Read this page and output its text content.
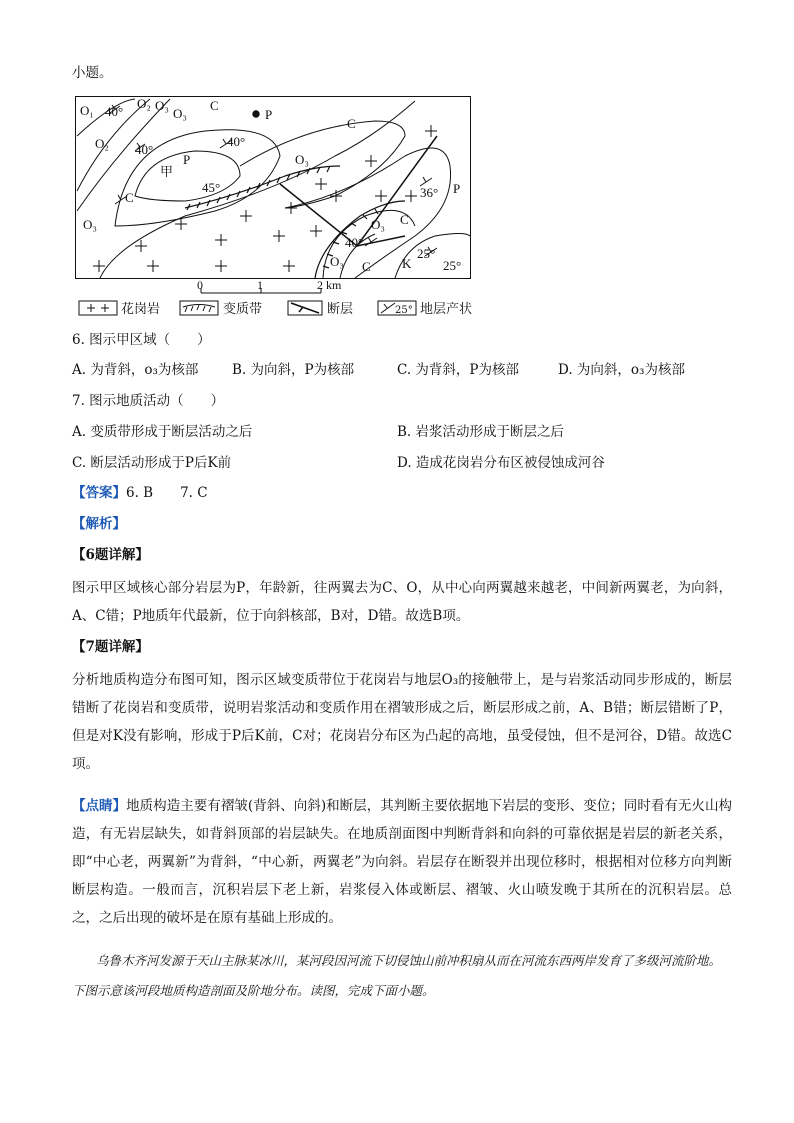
小题。
O₁ 40°
O₂ O₃
O₃
C
P
O₂ 40°
40°
P
甲
45°
C
O₃
C
O₃
36° P
C
O₃
40°
O₃ C K
25°
25°
0	1	2 km
花岗岩	变质带	断层	25° 地层产状
6. 图示甲区域（　　）
A. 为背斜，o₃为核部 B. 为向斜，P为核部	C. 为背斜，P为核部	D. 为向斜，o₃为核部
7. 图示地质活动（　　）
A. 变质带形成于断层活动之后	B. 岩浆活动形成于断层之后
C. 断层活动形成于P后K前	D. 造成花岗岩分布区被侵蚀成河谷
【答案】6. B　　7. C
【解析】
【6题详解】
图示甲区域核心部分岩层为P，年龄新，往两翼去为C、O，从中心向两翼越来越老，中间新两翼老，为向斜，A、C错；P地质年代最新，位于向斜核部，B对，D错。故选B项。
【7题详解】
分析地质构造分布图可知，图示区域变质带位于花岗岩与地层O₃的接触带上，是与岩浆活动同步形成的，断层错断了花岗岩和变质带，说明岩浆活动和变质作用在褶皱形成之后，断层形成之前，A、B错；断层错断了P，但是对K没有影响，形成于P后K前，C对；花岗岩分布区为凸起的高地，虽受侵蚀，但不是河谷，D错。故选C项。
【点睛】地质构造主要有褶皱(背斜、向斜)和断层，其判断主要依据地下岩层的变形、变位；同时看有无火山构造，有无岩层缺失，如背斜顶部的岩层缺失。在地质剖面图中判断背斜和向斜的可靠依据是岩层的新老关系，即“中心老，两翼新”为背斜，“中心新，两翼老”为向斜。岩层存在断裂并出现位移时，根据相对位移方向判断断层构造。一般而言，沉积岩层下老上新，岩浆侵入体或断层、褶皱、火山喷发晚于其所在的沉积岩层。总之，之后出现的破坏是在原有基础上形成的。
乌鲁木齐河发源于天山主脉某冰川，某河段因河流下切侵蚀山前冲积扇从而在河流东西两岸发育了多级河流阶地。下图示意该河段地质构造剖面及阶地分布。读图，完成下面小题。
